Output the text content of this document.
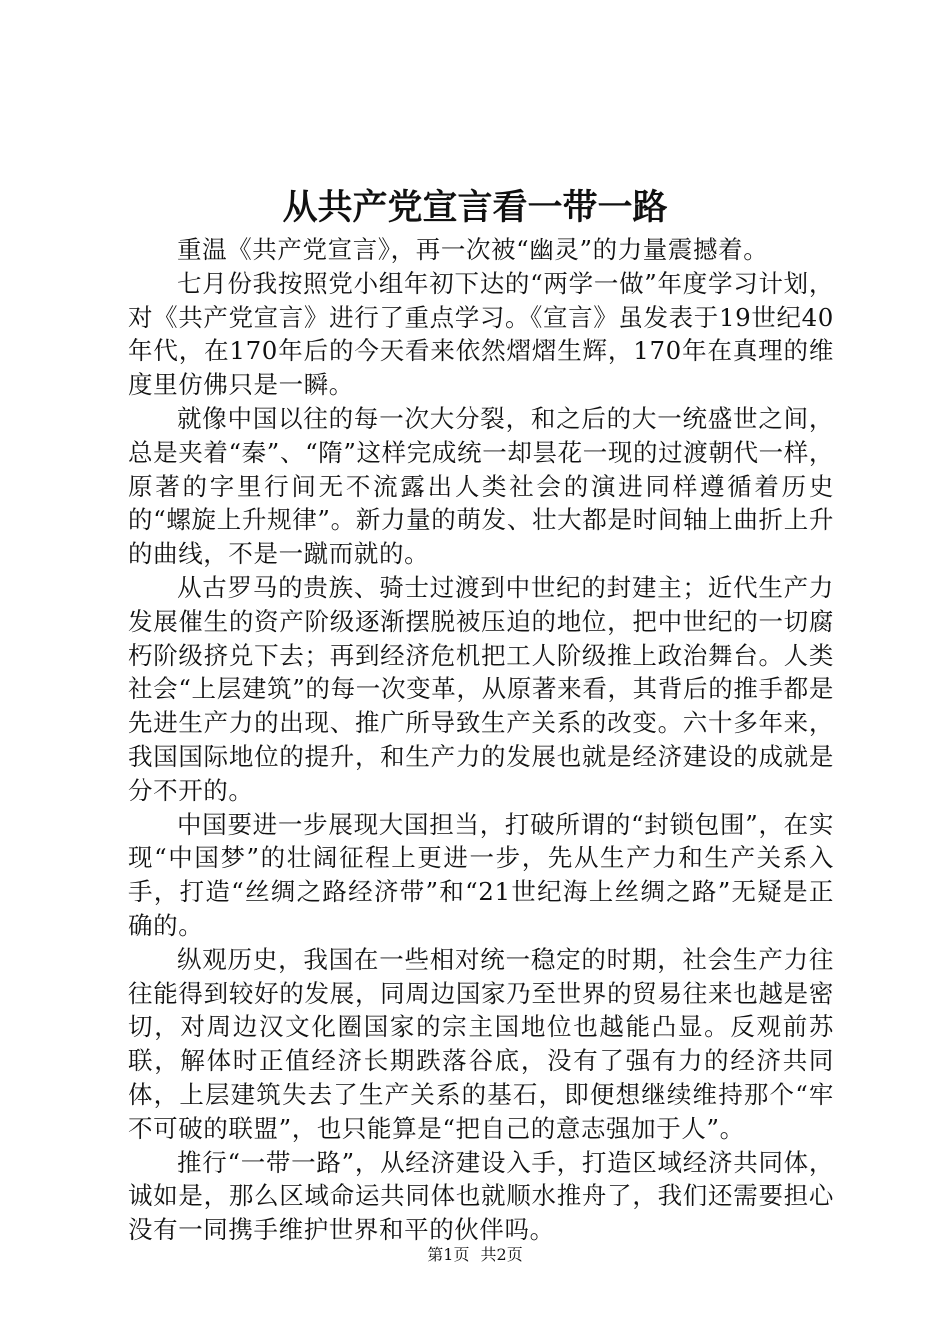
从共产党宣言看一带一路

重温《共产党宣言》，再一次被“幽灵”的力量震撼着。

七月份我按照党小组年初下达的“两学一做”年度学习计划，对《共产党宣言》进行了重点学习。《宣言》虽发表于19世纪40年代，在170年后的今天看来依然熠熠生辉，170年在真理的维度里仿佛只是一瞬。

就像中国以往的每一次大分裂，和之后的大一统盛世之间，总是夹着“秦”、“隋”这样完成统一却昙花一现的过渡朝代一样，原著的字里行间无不流露出人类社会的演进同样遵循着历史的“螺旋上升规律”。新力量的萌发、壮大都是时间轴上曲折上升的曲线，不是一蹴而就的。

从古罗马的贵族、骑士过渡到中世纪的封建主；近代生产力发展催生的资产阶级逐渐摆脱被压迫的地位，把中世纪的一切腐朽阶级挤兑下去；再到经济危机把工人阶级推上政治舞台。人类社会“上层建筑”的每一次变革，从原著来看，其背后的推手都是先进生产力的出现、推广所导致生产关系的改变。六十多年来，我国国际地位的提升，和生产力的发展也就是经济建设的成就是分不开的。

中国要进一步展现大国担当，打破所谓的“封锁包围”，在实现“中国梦”的壮阔征程上更进一步，先从生产力和生产关系入手，打造“丝绸之路经济带”和“21世纪海上丝绸之路”无疑是正确的。

纵观历史，我国在一些相对统一稳定的时期，社会生产力往往能得到较好的发展，同周边国家乃至世界的贸易往来也越是密切，对周边汉文化圈国家的宗主国地位也越能凸显。反观前苏联，解体时正值经济长期跌落谷底，没有了强有力的经济共同体，上层建筑失去了生产关系的基石，即便想继续维持那个“牢不可破的联盟”，也只能算是“把自己的意志强加于人”。

推行“一带一路”，从经济建设入手，打造区域经济共同体，诚如是，那么区域命运共同体也就顺水推舟了，我们还需要担心没有一同携手维护世界和平的伙伴吗。

第1页 共2页
